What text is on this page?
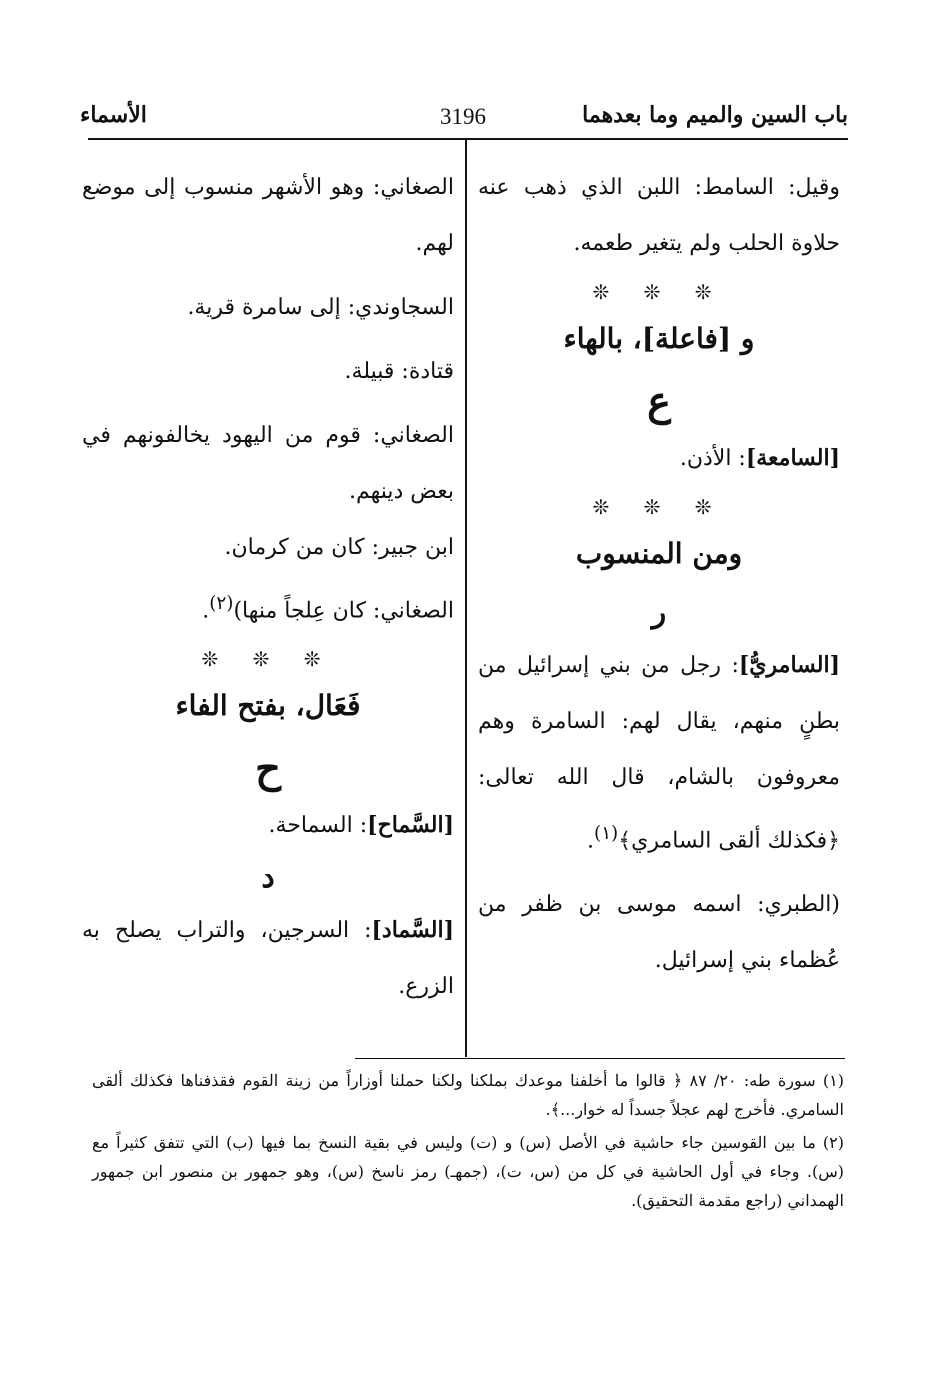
باب السين والميم وما بعدهما
3196
الأسماء

وقيل: السامط: اللبن الذي ذهب عنه حلاوة الحلب ولم يتغير طعمه.

❊ ❊ ❊
و [فاعلة]، بالهاء
ع

[السامعة]: الأذن.

❊ ❊ ❊
ومن المنسوب
ر

[السامريُّ]: رجل من بني إسرائيل من بطنٍ منهم، يقال لهم: السامرة وهم معروفون بالشام، قال الله تعالى: ﴿فكذلك ألقى السامري﴾$^{(١)}$.

(الطبري: اسمه موسى بن ظفر من عُظماء بني إسرائيل.

الصغاني: وهو الأشهر منسوب إلى موضع لهم.

السجاوندي: إلى سامرة قرية.

قتادة: قبيلة.

الصغاني: قوم من اليهود يخالفونهم في بعض دينهم.

ابن جبير: كان من كرمان.

الصغاني: كان عِلجاً منها)$^{(٢)}$.

❊ ❊ ❊
فَعَال، بفتح الفاء
ح

[السَّماح]: السماحة.

د

[السَّماد]: السرجين، والتراب يصلح به الزرع.

(١) سورة طه: ٢٠/ ٨٧ ﴿ قالوا ما أخلفنا موعدك بملكنا ولكنا حملنا أوزاراً من زينة القوم فقذفناها فكذلك ألقى السامري. فأخرج لهم عجلاً جسداً له خوار...﴾.

(٢) ما بين القوسين جاء حاشية في الأصل (س) و (ت) وليس في بقية النسخ بما فيها (ب) التي تتفق كثيراً مع (س). وجاء في أول الحاشية في كل من (س، ت)، (جمهـ) رمز ناسخ (س)، وهو جمهور بن منصور ابن جمهور الهمداني (راجع مقدمة التحقيق).
